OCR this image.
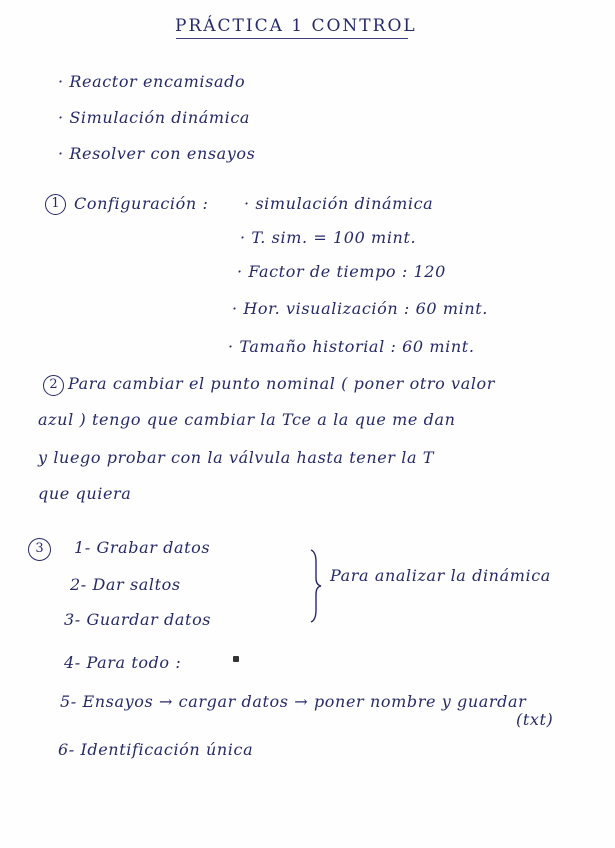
PRÁCTICA 1 CONTROL
· Reactor encamisado
· Simulación dinámica
· Resolver con ensayos
1 Configuración : · simulación dinámica
· T. sim. = 100 mint.
· Factor de tiempo : 120
· Hor. visualización : 60 mint.
· Tamaño historial : 60 mint.
2 Para cambiar el punto nominal ( poner otro valor
azul ) tengo que cambiar la Tce a la que me dan
y luego probar con la válvula hasta tener la T
que quiera
3	1- Grabar datos
2- Dar saltos
3- Guardar datos
4- Para todo :
5- Ensayos → cargar datos → poner nombre y guardar
(txt)
6- Identificación única
Para analizar la dinámica
